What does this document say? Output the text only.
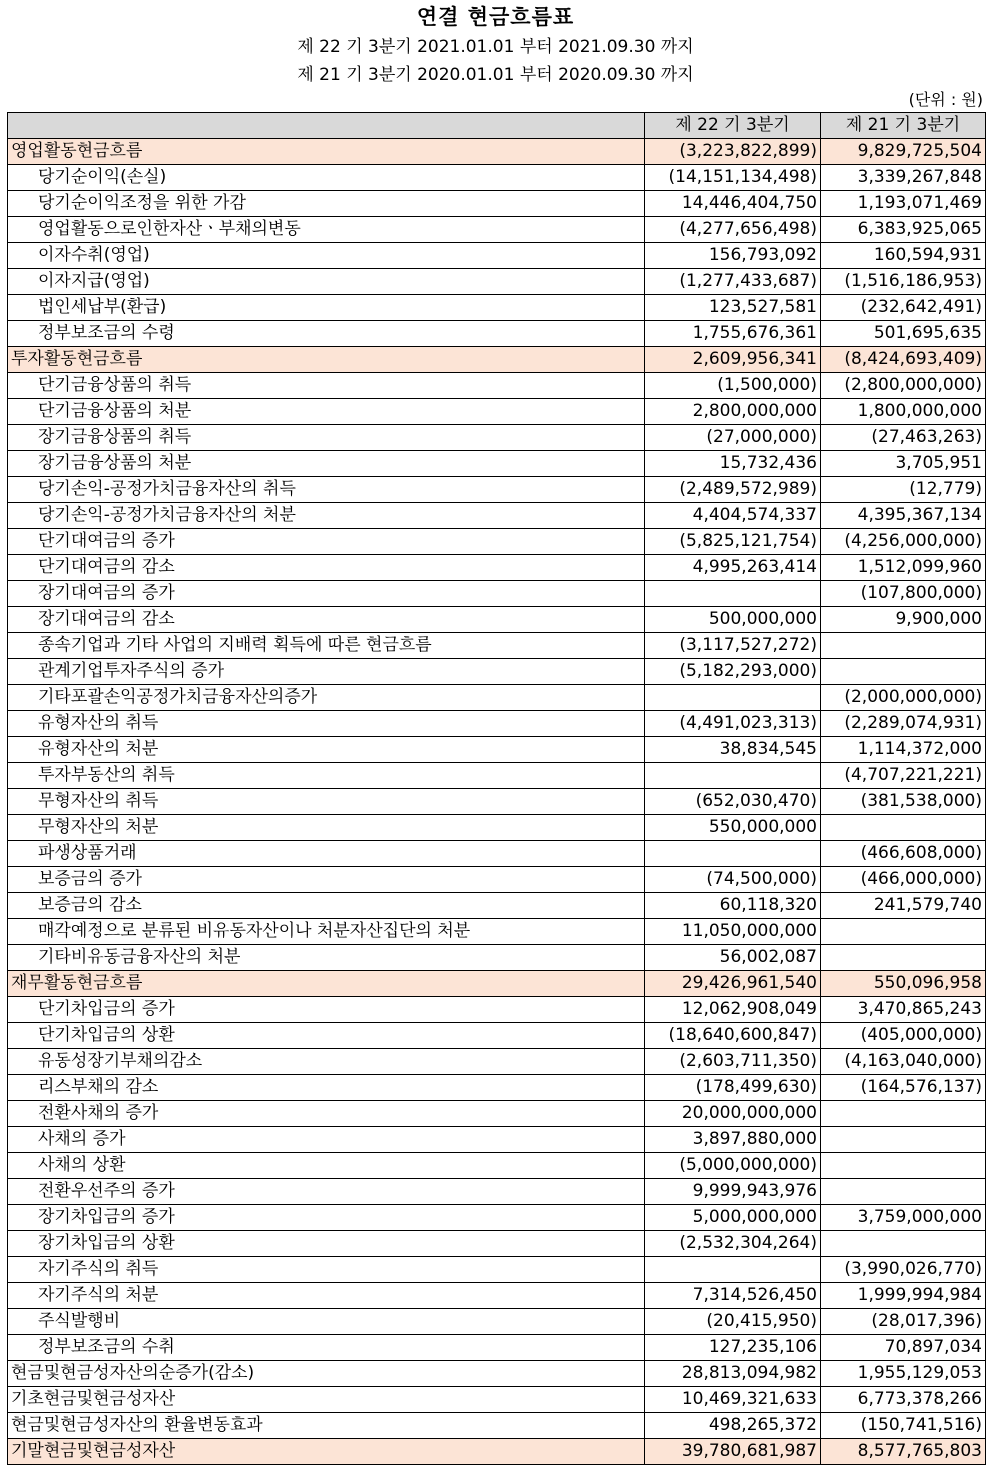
연결 현금흐름표
제 22 기 3분기 2021.01.01 부터 2021.09.30 까지
제 21 기 3분기 2020.01.01 부터 2020.09.30 까지
(단위 : 원)
	제 22 기 3분기	제 21 기 3분기
영업활동현금흐름	(3,223,822,899)	9,829,725,504
당기순이익(손실)	(14,151,134,498)	3,339,267,848
당기순이익조정을 위한 가감	14,446,404,750	1,193,071,469
영업활동으로인한자산ㆍ부채의변동	(4,277,656,498)	6,383,925,065
이자수취(영업)	156,793,092	160,594,931
이자지급(영업)	(1,277,433,687)	(1,516,186,953)
법인세납부(환급)	123,527,581	(232,642,491)
정부보조금의 수령	1,755,676,361	501,695,635
투자활동현금흐름	2,609,956,341	(8,424,693,409)
단기금융상품의 취득	(1,500,000)	(2,800,000,000)
단기금융상품의 처분	2,800,000,000	1,800,000,000
장기금융상품의 취득	(27,000,000)	(27,463,263)
장기금융상품의 처분	15,732,436	3,705,951
당기손익-공정가치금융자산의 취득	(2,489,572,989)	(12,779)
당기손익-공정가치금융자산의 처분	4,404,574,337	4,395,367,134
단기대여금의 증가	(5,825,121,754)	(4,256,000,000)
단기대여금의 감소	4,995,263,414	1,512,099,960
장기대여금의 증가		(107,800,000)
장기대여금의 감소	500,000,000	9,900,000
종속기업과 기타 사업의 지배력 획득에 따른 현금흐름	(3,117,527,272)	
관계기업투자주식의 증가	(5,182,293,000)	
기타포괄손익공정가치금융자산의증가		(2,000,000,000)
유형자산의 취득	(4,491,023,313)	(2,289,074,931)
유형자산의 처분	38,834,545	1,114,372,000
투자부동산의 취득		(4,707,221,221)
무형자산의 취득	(652,030,470)	(381,538,000)
무형자산의 처분	550,000,000	
파생상품거래		(466,608,000)
보증금의 증가	(74,500,000)	(466,000,000)
보증금의 감소	60,118,320	241,579,740
매각예정으로 분류된 비유동자산이나 처분자산집단의 처분	11,050,000,000	
기타비유동금융자산의 처분	56,002,087	
재무활동현금흐름	29,426,961,540	550,096,958
단기차입금의 증가	12,062,908,049	3,470,865,243
단기차입금의 상환	(18,640,600,847)	(405,000,000)
유동성장기부채의감소	(2,603,711,350)	(4,163,040,000)
리스부채의 감소	(178,499,630)	(164,576,137)
전환사채의 증가	20,000,000,000	
사채의 증가	3,897,880,000	
사채의 상환	(5,000,000,000)	
전환우선주의 증가	9,999,943,976	
장기차입금의 증가	5,000,000,000	3,759,000,000
장기차입금의 상환	(2,532,304,264)	
자기주식의 취득		(3,990,026,770)
자기주식의 처분	7,314,526,450	1,999,994,984
주식발행비	(20,415,950)	(28,017,396)
정부보조금의 수취	127,235,106	70,897,034
현금및현금성자산의순증가(감소)	28,813,094,982	1,955,129,053
기초현금및현금성자산	10,469,321,633	6,773,378,266
현금및현금성자산의 환율변동효과	498,265,372	(150,741,516)
기말현금및현금성자산	39,780,681,987	8,577,765,803
